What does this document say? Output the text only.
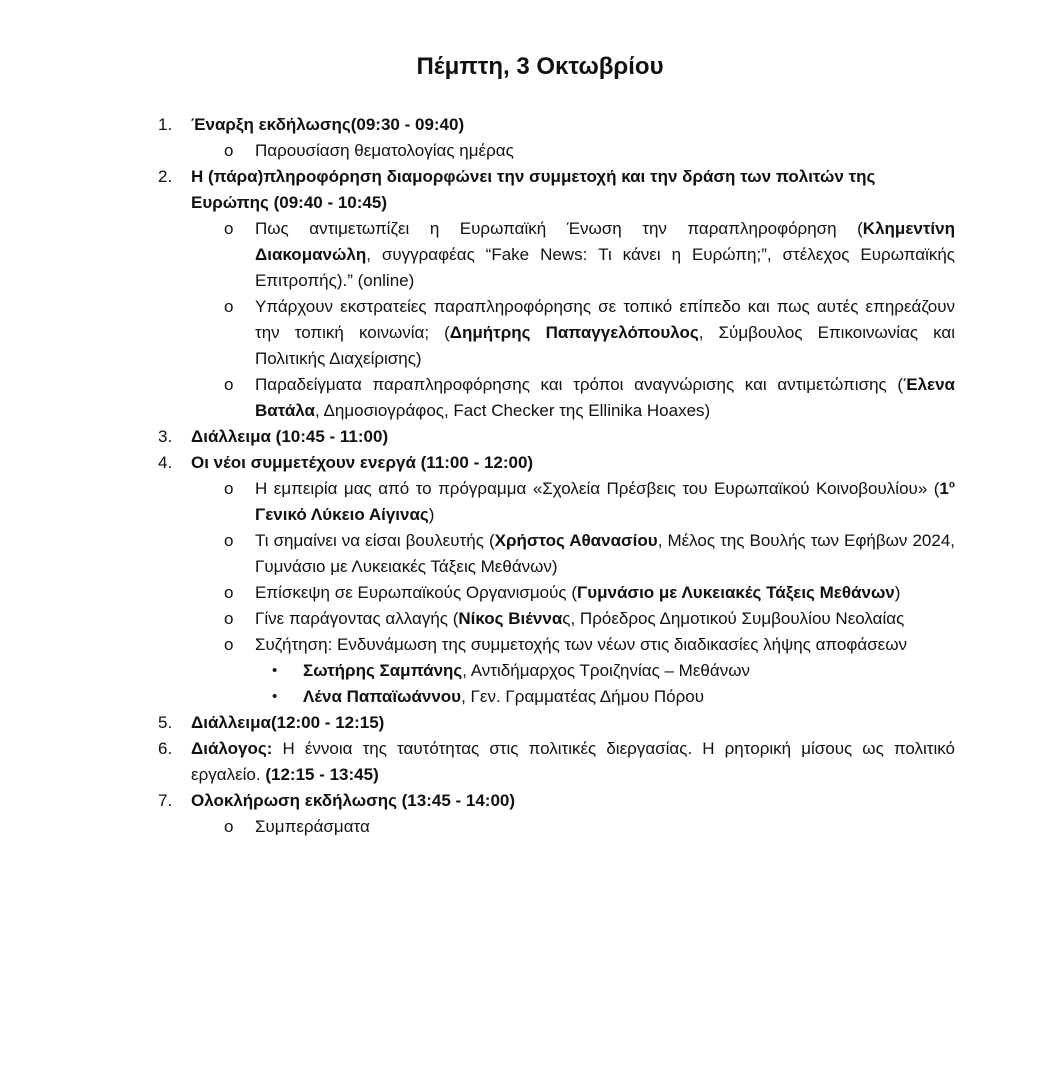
Πέμπτη, 3 Οκτωβρίου
1.	Έναρξη εκδήλωσης(09:30 - 09:40)
o Παρουσίαση θεματολογίας ημέρας
2.	Η (πάρα)πληροφόρηση διαμορφώνει την συμμετοχή και την δράση των πολιτών της Ευρώπης (09:40 - 10:45)
o Πως αντιμετωπίζει η Ευρωπαϊκή Ένωση την παραπληροφόρηση (Κλημεντίνη Διακομανώλη, συγγραφέας “Fake News: Τι κάνει η Ευρώπη;”, στέλεχος Ευρωπαϊκής Επιτροπής).” (online)
o Υπάρχουν εκστρατείες παραπληροφόρησης σε τοπικό επίπεδο και πως αυτές επηρεάζουν την τοπική κοινωνία; (Δημήτρης Παπαγγελόπουλος, Σύμβουλος Επικοινωνίας και Πολιτικής Διαχείρισης)
o Παραδείγματα παραπληροφόρησης και τρόποι αναγνώρισης και αντιμετώπισης (Έλενα Βατάλα, Δημοσιογράφος, Fact Checker της Ellinika Hoaxes)
3.	Διάλλειμα (10:45 - 11:00)
4.	Οι νέοι συμμετέχουν ενεργά (11:00 - 12:00)
o Η εμπειρία μας από το πρόγραμμα «Σχολεία Πρέσβεις του Ευρωπαϊκού Κοινοβουλίου» ($1^o$ Γενικό Λύκειο Αίγινας)
o Τι σημαίνει να είσαι βουλευτής (Χρήστος Αθανασίου, Μέλος της Βουλής των Εφήβων 2024, Γυμνάσιο με Λυκειακές Τάξεις Μεθάνων)
o Επίσκεψη σε Ευρωπαϊκούς Οργανισμούς (Γυμνάσιο με Λυκειακές Τάξεις Μεθάνων)
o Γίνε παράγοντας αλλαγής (Νίκος Βιέννας, Πρόεδρος Δημοτικού Συμβουλίου Νεολαίας
o Συζήτηση: Ενδυνάμωση της συμμετοχής των νέων στις διαδικασίες λήψης αποφάσεων
• Σωτήρης Σαμπάνης, Αντιδήμαρχος Τροιζηνίας – Μεθάνων
• Λένα Παπαϊωάννου, Γεν. Γραμματέας Δήμου Πόρου
5.	Διάλλειμα(12:00 - 12:15)
6.	Διάλογος: Η έννοια της ταυτότητας στις πολιτικές διεργασίας. Η ρητορική μίσους ως πολιτικό εργαλείο. (12:15 - 13:45)
7.	Ολοκλήρωση εκδήλωσης (13:45 - 14:00)
o Συμπεράσματα
